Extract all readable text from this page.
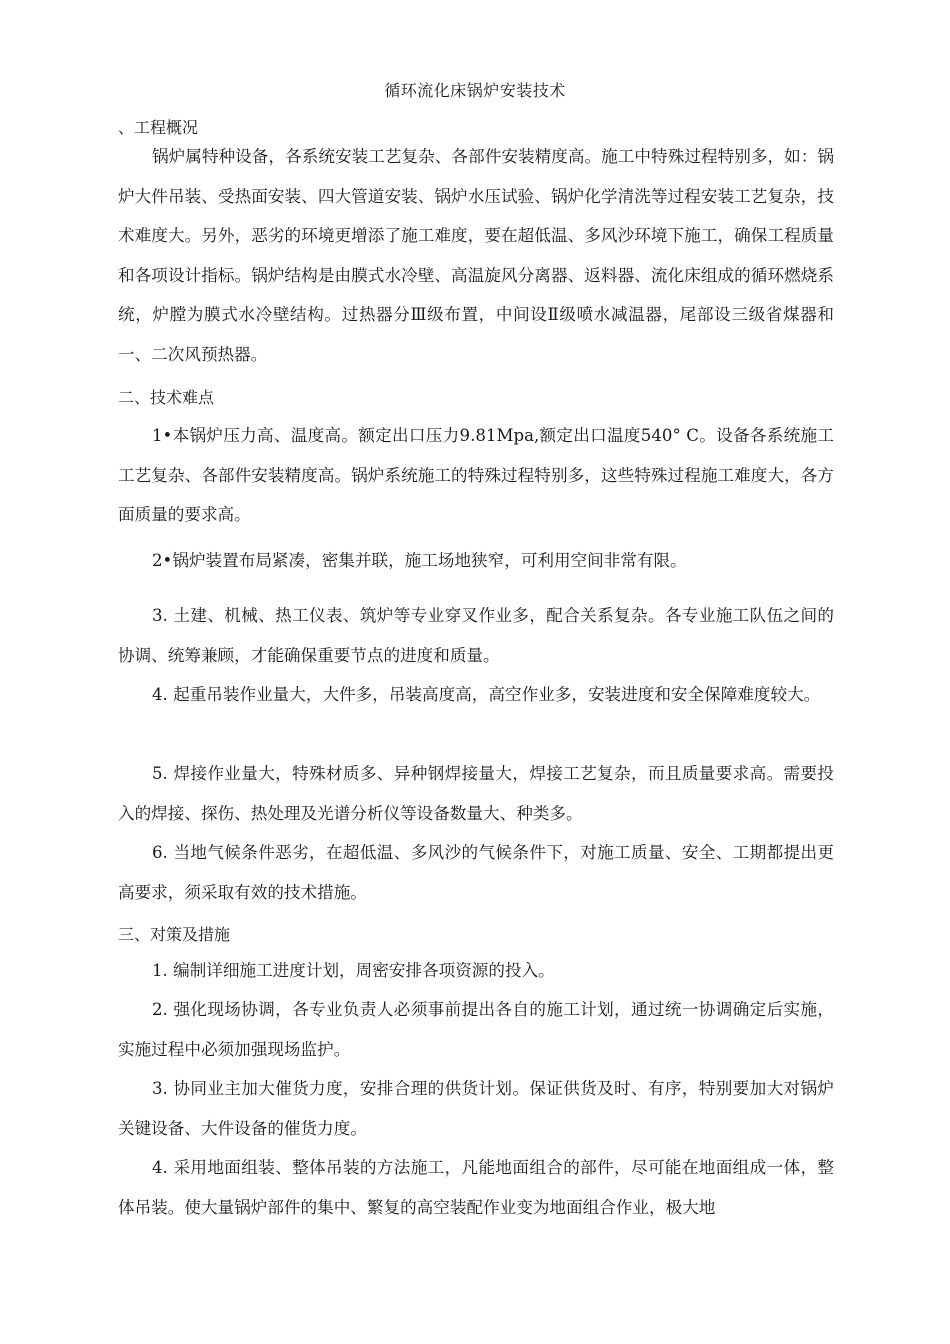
循环流化床锅炉安装技术
、工程概况
锅炉属特种设备，各系统安装工艺复杂、各部件安装精度高。施工中特殊过程特别多，如：锅炉大件吊装、受热面安装、四大管道安装、锅炉水压试验、锅炉化学清洗等过程安装工艺复杂，技术难度大。另外，恶劣的环境更增添了施工难度，要在超低温、多风沙环境下施工，确保工程质量和各项设计指标。锅炉结构是由膜式水冷壁、高温旋风分离器、返料器、流化床组成的循环燃烧系统，炉膛为膜式水冷壁结构。过热器分Ⅲ级布置，中间设Ⅱ级喷水减温器，尾部设三级省煤器和一、二次风预热器。
二、技术难点
1•本锅炉压力高、温度高。额定出口压力9.81Mpa,额定出口温度540° C。设备各系统施工工艺复杂、各部件安装精度高。锅炉系统施工的特殊过程特别多，这些特殊过程施工难度大，各方面质量的要求高。
2•锅炉装置布局紧凑，密集并联，施工场地狭窄，可利用空间非常有限。
3. 土建、机械、热工仪表、筑炉等专业穿叉作业多，配合关系复杂。各专业施工队伍之间的协调、统筹兼顾，才能确保重要节点的进度和质量。
4. 起重吊装作业量大，大件多，吊装高度高，高空作业多，安装进度和安全保障难度较大。
5. 焊接作业量大，特殊材质多、异种钢焊接量大，焊接工艺复杂，而且质量要求高。需要投入的焊接、探伤、热处理及光谱分析仪等设备数量大、种类多。
6. 当地气候条件恶劣，在超低温、多风沙的气候条件下，对施工质量、安全、工期都提出更高要求，须采取有效的技术措施。
三、对策及措施
1. 编制详细施工进度计划，周密安排各项资源的投入。
2. 强化现场协调，各专业负责人必须事前提出各自的施工计划，通过统一协调确定后实施，实施过程中必须加强现场监护。
3. 协同业主加大催货力度，安排合理的供货计划。保证供货及时、有序，特别要加大对锅炉关键设备、大件设备的催货力度。
4. 采用地面组装、整体吊装的方法施工，凡能地面组合的部件，尽可能在地面组成一体，整体吊装。使大量锅炉部件的集中、繁复的高空装配作业变为地面组合作业，极大地
